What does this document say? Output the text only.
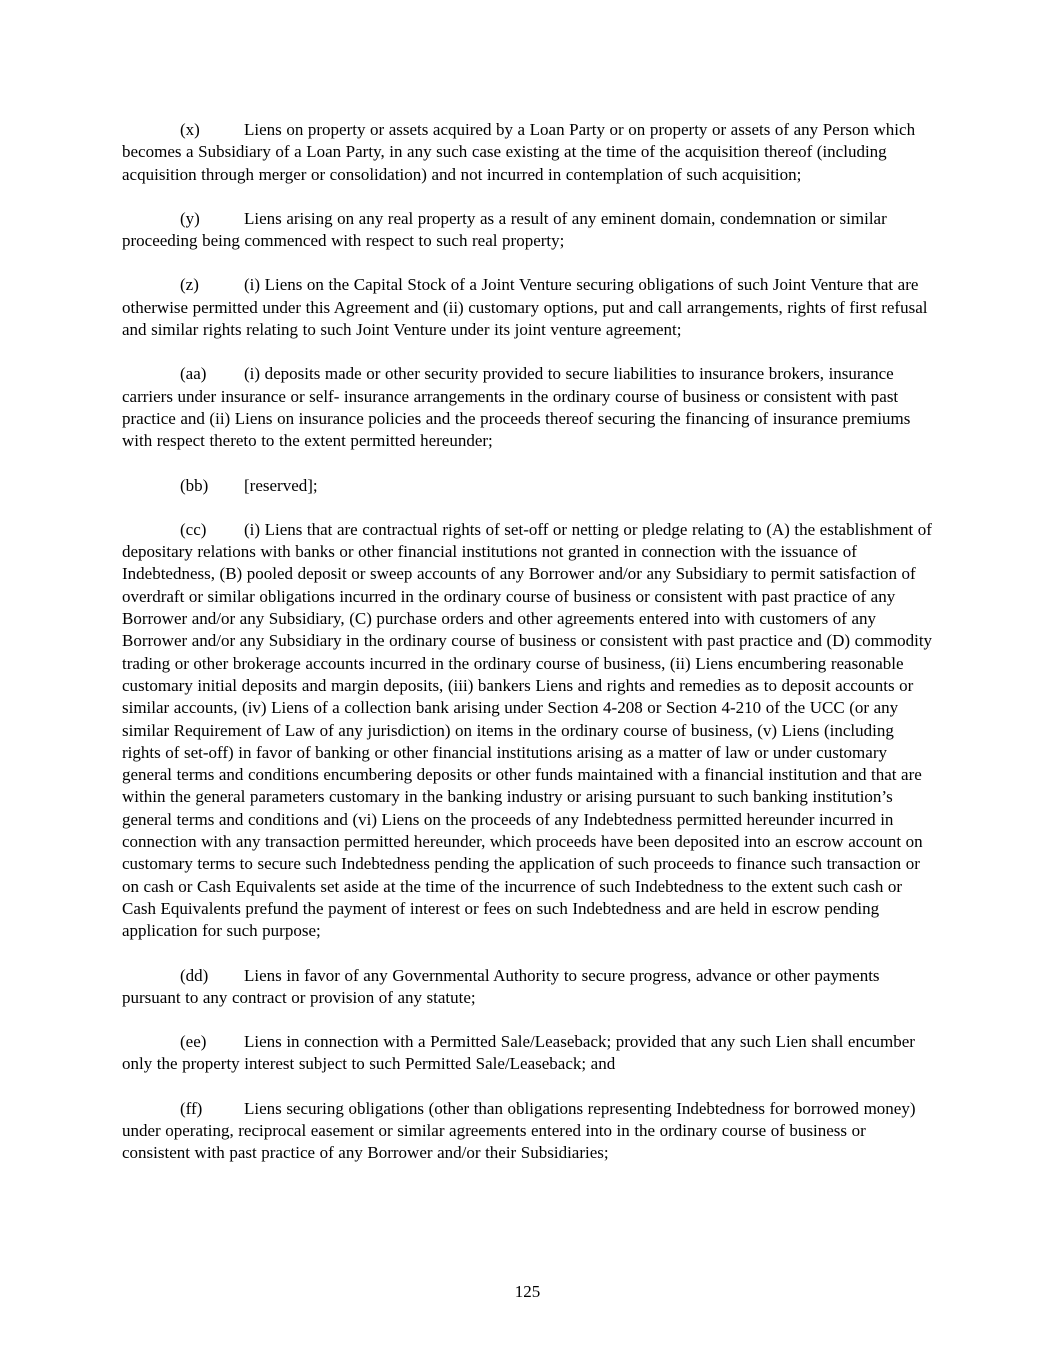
(x)	Liens on property or assets acquired by a Loan Party or on property or assets of any Person which becomes a Subsidiary of a Loan Party, in any such case existing at the time of the acquisition thereof (including acquisition through merger or consolidation) and not incurred in contemplation of such acquisition;

(y)	Liens arising on any real property as a result of any eminent domain, condemnation or similar proceeding being commenced with respect to such real property;

(z)	(i) Liens on the Capital Stock of a Joint Venture securing obligations of such Joint Venture that are otherwise permitted under this Agreement and (ii) customary options, put and call arrangements, rights of first refusal and similar rights relating to such Joint Venture under its joint venture agreement;

(aa) (i) deposits made or other security provided to secure liabilities to insurance brokers, insurance carriers under insurance or self- insurance arrangements in the ordinary course of business or consistent with past practice and (ii) Liens on insurance policies and the proceeds thereof securing the financing of insurance premiums with respect thereto to the extent permitted hereunder;

(bb) [reserved];

(cc) (i) Liens that are contractual rights of set-off or netting or pledge relating to (A) the establishment of depositary relations with banks or other financial institutions not granted in connection with the issuance of Indebtedness, (B) pooled deposit or sweep accounts of any Borrower and/or any Subsidiary to permit satisfaction of overdraft or similar obligations incurred in the ordinary course of business or consistent with past practice of any Borrower and/or any Subsidiary, (C) purchase orders and other agreements entered into with customers of any Borrower and/or any Subsidiary in the ordinary course of business or consistent with past practice and (D) commodity trading or other brokerage accounts incurred in the ordinary course of business, (ii) Liens encumbering reasonable customary initial deposits and margin deposits, (iii) bankers Liens and rights and remedies as to deposit accounts or similar accounts, (iv) Liens of a collection bank arising under Section 4-208 or Section 4-210 of the UCC (or any similar Requirement of Law of any jurisdiction) on items in the ordinary course of business, (v) Liens (including rights of set-off) in favor of banking or other financial institutions arising as a matter of law or under customary general terms and conditions encumbering deposits or other funds maintained with a financial institution and that are within the general parameters customary in the banking industry or arising pursuant to such banking institution’s general terms and conditions and (vi) Liens on the proceeds of any Indebtedness permitted hereunder incurred in connection with any transaction permitted hereunder, which proceeds have been deposited into an escrow account on customary terms to secure such Indebtedness pending the application of such proceeds to finance such transaction or on cash or Cash Equivalents set aside at the time of the incurrence of such Indebtedness to the extent such cash or Cash Equivalents prefund the payment of interest or fees on such Indebtedness and are held in escrow pending application for such purpose;

(dd) Liens in favor of any Governmental Authority to secure progress, advance or other payments pursuant to any contract or provision of any statute;

(ee) Liens in connection with a Permitted Sale/Leaseback; provided that any such Lien shall encumber only the property interest subject to such Permitted Sale/Leaseback; and

(ff) Liens securing obligations (other than obligations representing Indebtedness for borrowed money) under operating, reciprocal easement or similar agreements entered into in the ordinary course of business or consistent with past practice of any Borrower and/or their Subsidiaries;

125
